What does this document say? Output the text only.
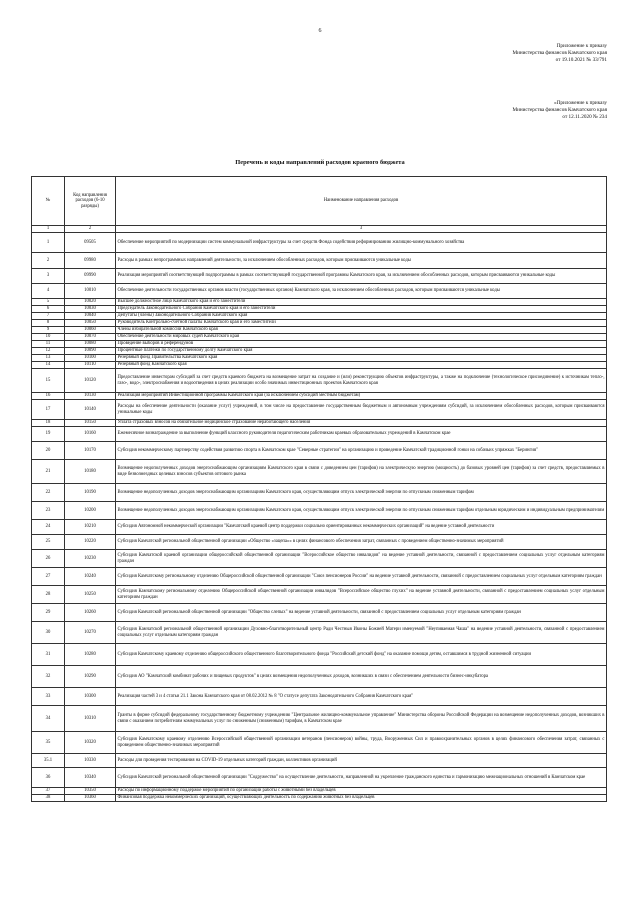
6
Приложение к приказу
Министерства финансов Камчатского края
от 19.10.2021 № 33/791
«Приложение к приказу
Министерства финансов Камчатского края
от 12.11.2020 № 234
Перечень и коды направлений расходов краевого бюджета
№	Код направления расходов (6-10 разряды)	Наименование направления расходов
1	2	3
1	09505	Обеспечение мероприятий по модернизации систем коммунальной инфраструктуры за счет средств Фонда содействия реформированию жилищно-коммунального хозяйства
2	09980	Расходы в рамках непрограммных направлений деятельности, за исключением обособленных расходов, которым присваиваются уникальные коды
3	09990	Реализация мероприятий соответствующей подпрограммы в рамках соответствующей государственной программы Камчатского края, за исключением обособленных расходов, которым присваиваются уникальные коды
4	10010	Обеспечение деятельности государственных органов власти (государственных органов) Камчатского края, за исключением обособленных расходов, которым присваиваются уникальные коды
5	10020	Высшее должностное лицо Камчатского края и его заместители
6	10030	Председатель Законодательного Собрания Камчатского края и его заместители
7	10040	Депутаты (члены) Законодательного Собрания Камчатского края
8	10050	Руководитель Контрольно-счетной палаты Камчатского края и его заместители
9	10060	Члены избирательной комиссии Камчатского края
10	10070	Обеспечение деятельности мировых судей Камчатского края
11	10080	Проведение выборов и референдумов
12	10090	Процентные платежи по государственному долгу Камчатского края
13	10100	Резервный фонд Правительства Камчатского края
14	10110	Резервный фонд Камчатского края
15	10120	Предоставление инвесторам субсидий за счет средств краевого бюджета на возмещение затрат на создание и (или) реконструкцию объектов инфраструктуры, а также на подключение (технологическое присоединение) к источникам тепло-, газо-, водо-, электроснабжения и водоотведения в целях реализации особо значимых инвестиционных проектов Камчатского края
16	10130	Реализация мероприятий Инвестиционной программы Камчатского края (за исключением субсидий местным бюджетам)
17	10140	Расходы на обеспечение деятельности (оказание услуг) учреждений, в том числе на предоставление государственным бюджетным и автономным учреждениям субсидий, за исключением обособленных расходов, которым присваиваются уникальные коды
18	10150	Уплата страховых взносов на обязательное медицинское страхование неработающего населения
19	10160	Ежемесячное вознаграждение за выполнение функций классного руководителя педагогическим работникам краевых образовательных учреждений в Камчатском крае
20	10170	Субсидия некоммерческому партнерству содействия развитию спорта в Камчатском крае "Северные стратегии" на организацию и проведение Камчатской традиционной гонки на собачьих упряжках "Берингия"
21	10180	Возмещение недополученных доходов энергоснабжающим организациям Камчатского края в связи с доведением цен (тарифов) на электрическую энергию (мощность) до базовых уровней цен (тарифов) за счет средств, предоставляемых в виде безвозмездных целевых взносов субъектов оптового рынка
22	10190	Возмещение недополученных доходов энергоснабжающим организациям Камчатского края, осуществляющим отпуск электрической энергии по отпускным сниженным тарифам
23	10200	Возмещение недополученных доходов энергоснабжающим организациям Камчатского края, осуществляющим отпуск электрической энергии по отпускным сниженным тарифам отдельным юридическим и индивидуальным предпринимателям
24	10210	Субсидия Автономной некоммерческой организации "Камчатский краевой центр поддержки социально ориентированных некоммерческих организаций" на ведение уставной деятельности
25	10220	Субсидия Камчатской региональной общественной организации «Общество «зацепа»» в целях финансового обеспечения затрат, связанных с проведением общественно-значимых мероприятий
26	10230	Субсидия Камчатской краевой организации общероссийской общественной организации "Всероссийское общество инвалидов" на ведение уставной деятельности, связанной с предоставлением социальных услуг отдельным категориям граждан
27	10240	Субсидия Камчатскому региональному отделению Общероссийской общественной организации "Союз пенсионеров России" на ведение уставной деятельности, связанной с предоставлением социальных услуг отдельным категориям граждан
28	10250	Субсидия Камчатскому региональному отделению Общероссийской общественной организации инвалидов "Всероссийское общество глухих" на ведение уставной деятельности, связанной с предоставлением социальных услуг отдельным категориям граждан
29	10260	Субсидия Камчатской региональной общественной организации "Общество слепых" на ведение уставной деятельности, связанной с предоставлением социальных услуг отдельным категориям граждан
30	10270	Субсидия Камчатской региональной общественной организации Духовно-благотворительный центр Ради Честныя Иконы Божией Матери именуемой "Неупиваемая Чаша" на ведение уставной деятельности, связанной с предоставлением социальных услуг отдельным категориям граждан
31	10280	Субсидия Камчатскому краевому отделению общероссийского общественного благотворительного фонда "Российский детский фонд" на оказание помощи детям, оставшимся в трудной жизненной ситуации
32	10290	Субсидия АО "Камчатский комбинат рабочих и пищевых продуктов" в целях возмещения недополученных доходов, возникших в связи с обеспечением деятельности бизнес-инкубатора
33	10300	Реализация частей 3 и 4 статьи 21.1 Закона Камчатского края от 08.02.2012 № 8 "О статусе депутата Законодательного Собрания Камчатского края"
34	10310	Гранты в форме субсидий федеральному государственному бюджетному учреждению "Центральное жилищно-коммунальное управление" Министерства обороны Российской Федерации на возмещение недополученных доходов, возникших в связи с оказанием потребителям коммунальных услуг по сниженным (сниженным) тарифам, в Камчатском крае
35	10320	Субсидия Камчатскому краевому отделению Всероссийской общественной организации ветеранов (пенсионеров) войны, труда, Вооруженных Сил и правоохранительных органов в целях финансового обеспечения затрат, связанных с проведением общественно-значимых мероприятий
35.1	10330	Расходы для проведения тестирования на COVID-19 отдельных категорий граждан, коллективов организаций
36	10340	Субсидия Камчатской региональной общественной организации "Содружество" на осуществление деятельности, направленной на укрепление гражданского единства и гармонизацию межнациональных отношений в Камчатском крае
37	10350	Расходы по информационному поддержке мероприятий по организации работы с животными без владельцев
38	10360	Финансовая поддержка некоммерческих организаций, осуществляющих деятельность по содержанию животных без владельцев
